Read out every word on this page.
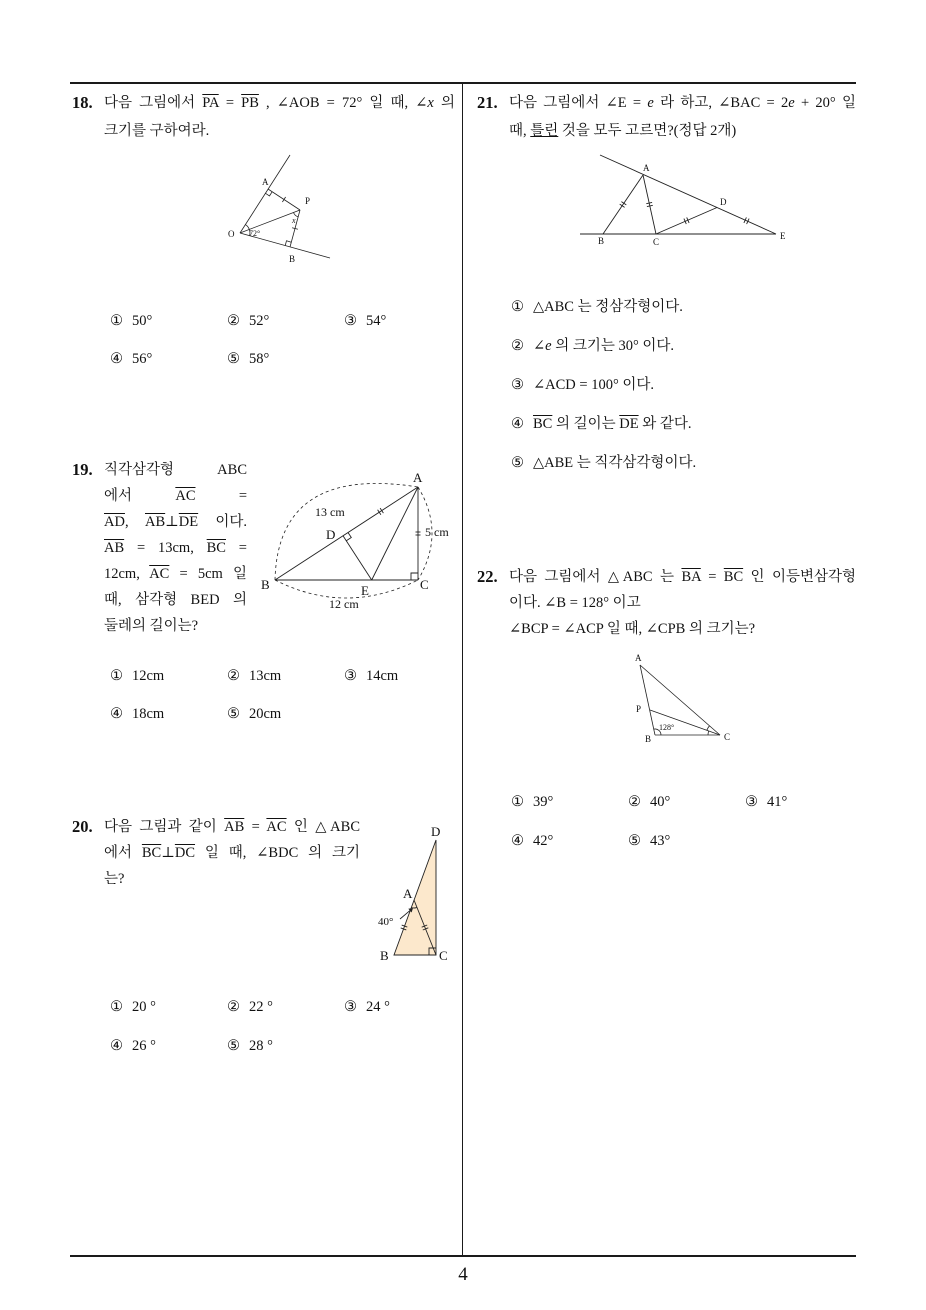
18. 다음 그림에서 $\overline{PA} = \overline{PB}$ , ∠AOB = 72° 일 때, ∠x 의
크기를 구하여라.
A
P
O
B
72°
x
① 50°	② 52°	③ 54°
④ 56°	⑤ 58°
19. 직각삼각형 ABC
에서 $\overline{AC}$ =
$\overline{AD}$, $\overline{AB}\perp\overline{DE}$ 이다.
$\overline{AB} = 13cm$, $\overline{BC}$ =
12cm, $\overline{AC} = 5cm$ 일
때, 삼각형 BED 의
둘레의 길이는?
A
B	C
D
E
13 cm
5 cm
12 cm
① 12cm	② 13cm	③ 14cm
④ 18cm	⑤ 20cm
20. 다음 그림과 같이 $\overline{AB} = \overline{AC}$ 인 △ABC
에서 $\overline{BC}\perp\overline{DC}$ 일 때, ∠BDC 의 크기
는?
D
A
B	C
40°
① 20 °	② 22 °	③ 24 °
④ 26 °	⑤ 28 °
21. 다음 그림에서 ∠E = e 라 하고, ∠BAC = 2e + 20° 일
때, 틀린 것을 모두 고르면?(정답 2개)
A
B	C
D
E
① △ABC 는 정삼각형이다.
② ∠e 의 크기는 30° 이다.
③ ∠ACD = 100° 이다.
④ $\overline{BC}$ 의 길이는 $\overline{DE}$ 와 같다.
⑤ △ABE 는 직각삼각형이다.
22. 다음 그림에서 △ABC 는 $\overline{BA} = \overline{BC}$ 인 이등변삼각형
이다. ∠B = 128° 이고
∠BCP = ∠ACP 일 때, ∠CPB 의 크기는?
A
P
B	C
128°
① 39°	② 40°	③ 41°
④ 42°	⑤ 43°
4
